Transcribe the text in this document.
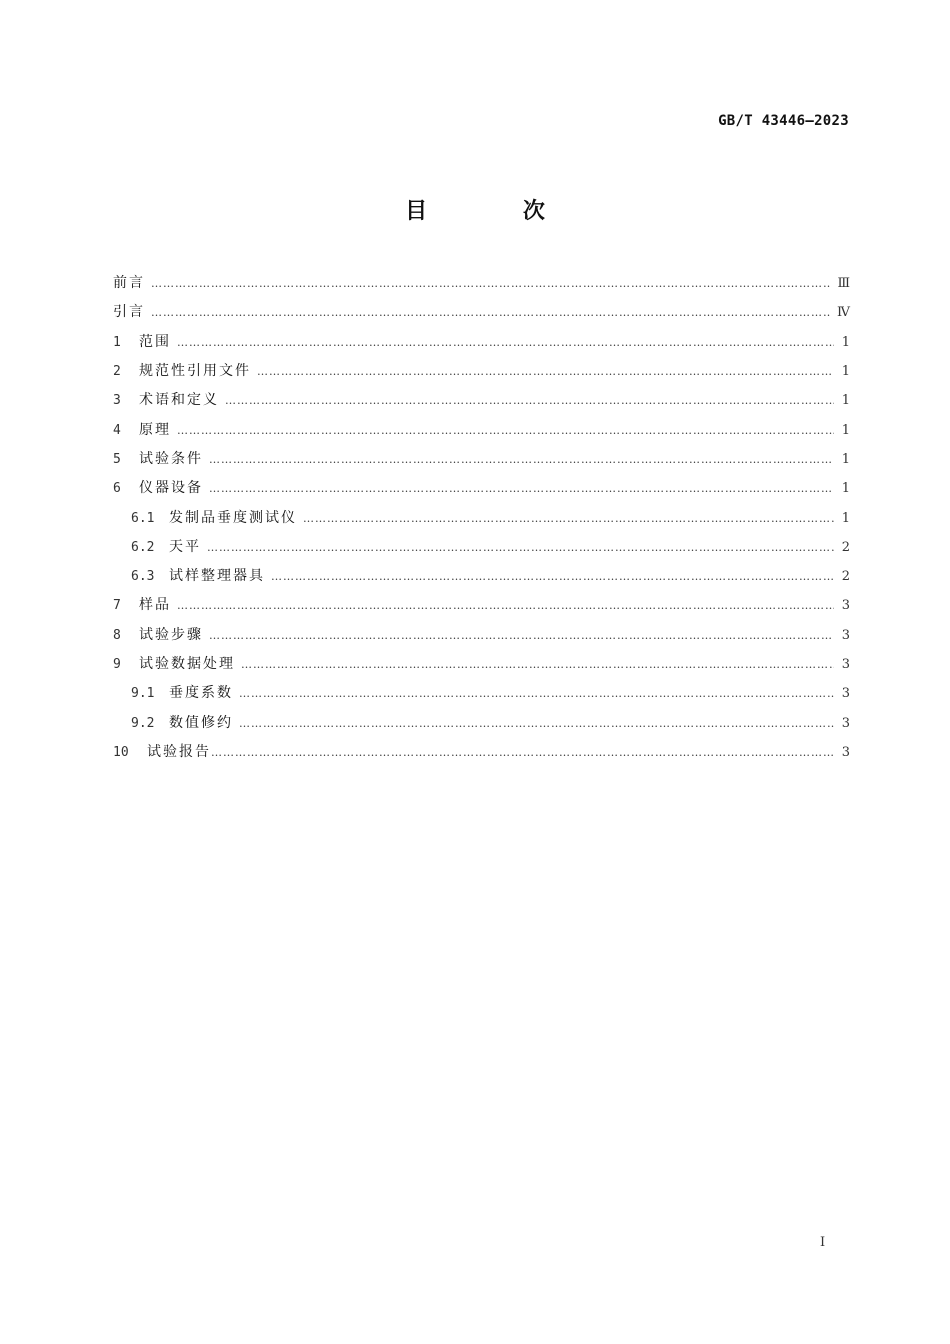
GB/T 43446—2023
目 次
前言 …………………………………………………………………………………………………………………………………………………………………………………………………………………………………………	Ⅲ
引言 …………………………………………………………………………………………………………………………………………………………………………………………………………………………………………	Ⅳ
1	范围 …………………………………………………………………………………………………………………………………………………………………………………………………………………………………………	1
2	规范性引用文件 …………………………………………………………………………………………………………………………………………………………………………………………………………………………………………	1
3	术语和定义 …………………………………………………………………………………………………………………………………………………………………………………………………………………………………………	1
4	原理 …………………………………………………………………………………………………………………………………………………………………………………………………………………………………………	1
5	试验条件 …………………………………………………………………………………………………………………………………………………………………………………………………………………………………………	1
6	仪器设备 …………………………………………………………………………………………………………………………………………………………………………………………………………………………………………	1
6.1	发制品垂度测试仪 …………………………………………………………………………………………………………………………………………………………………………………………………………………………………………	1
6.2	天平 …………………………………………………………………………………………………………………………………………………………………………………………………………………………………………	2
6.3	试样整理器具 …………………………………………………………………………………………………………………………………………………………………………………………………………………………………………	2
7	样品 …………………………………………………………………………………………………………………………………………………………………………………………………………………………………………	3
8	试验步骤 …………………………………………………………………………………………………………………………………………………………………………………………………………………………………………	3
9	试验数据处理 …………………………………………………………………………………………………………………………………………………………………………………………………………………………………………	3
9.1	垂度系数 …………………………………………………………………………………………………………………………………………………………………………………………………………………………………………	3
9.2	数值修约 …………………………………………………………………………………………………………………………………………………………………………………………………………………………………………	3
10	试验报告 …………………………………………………………………………………………………………………………………………………………………………………………………………………………………………	3
I
